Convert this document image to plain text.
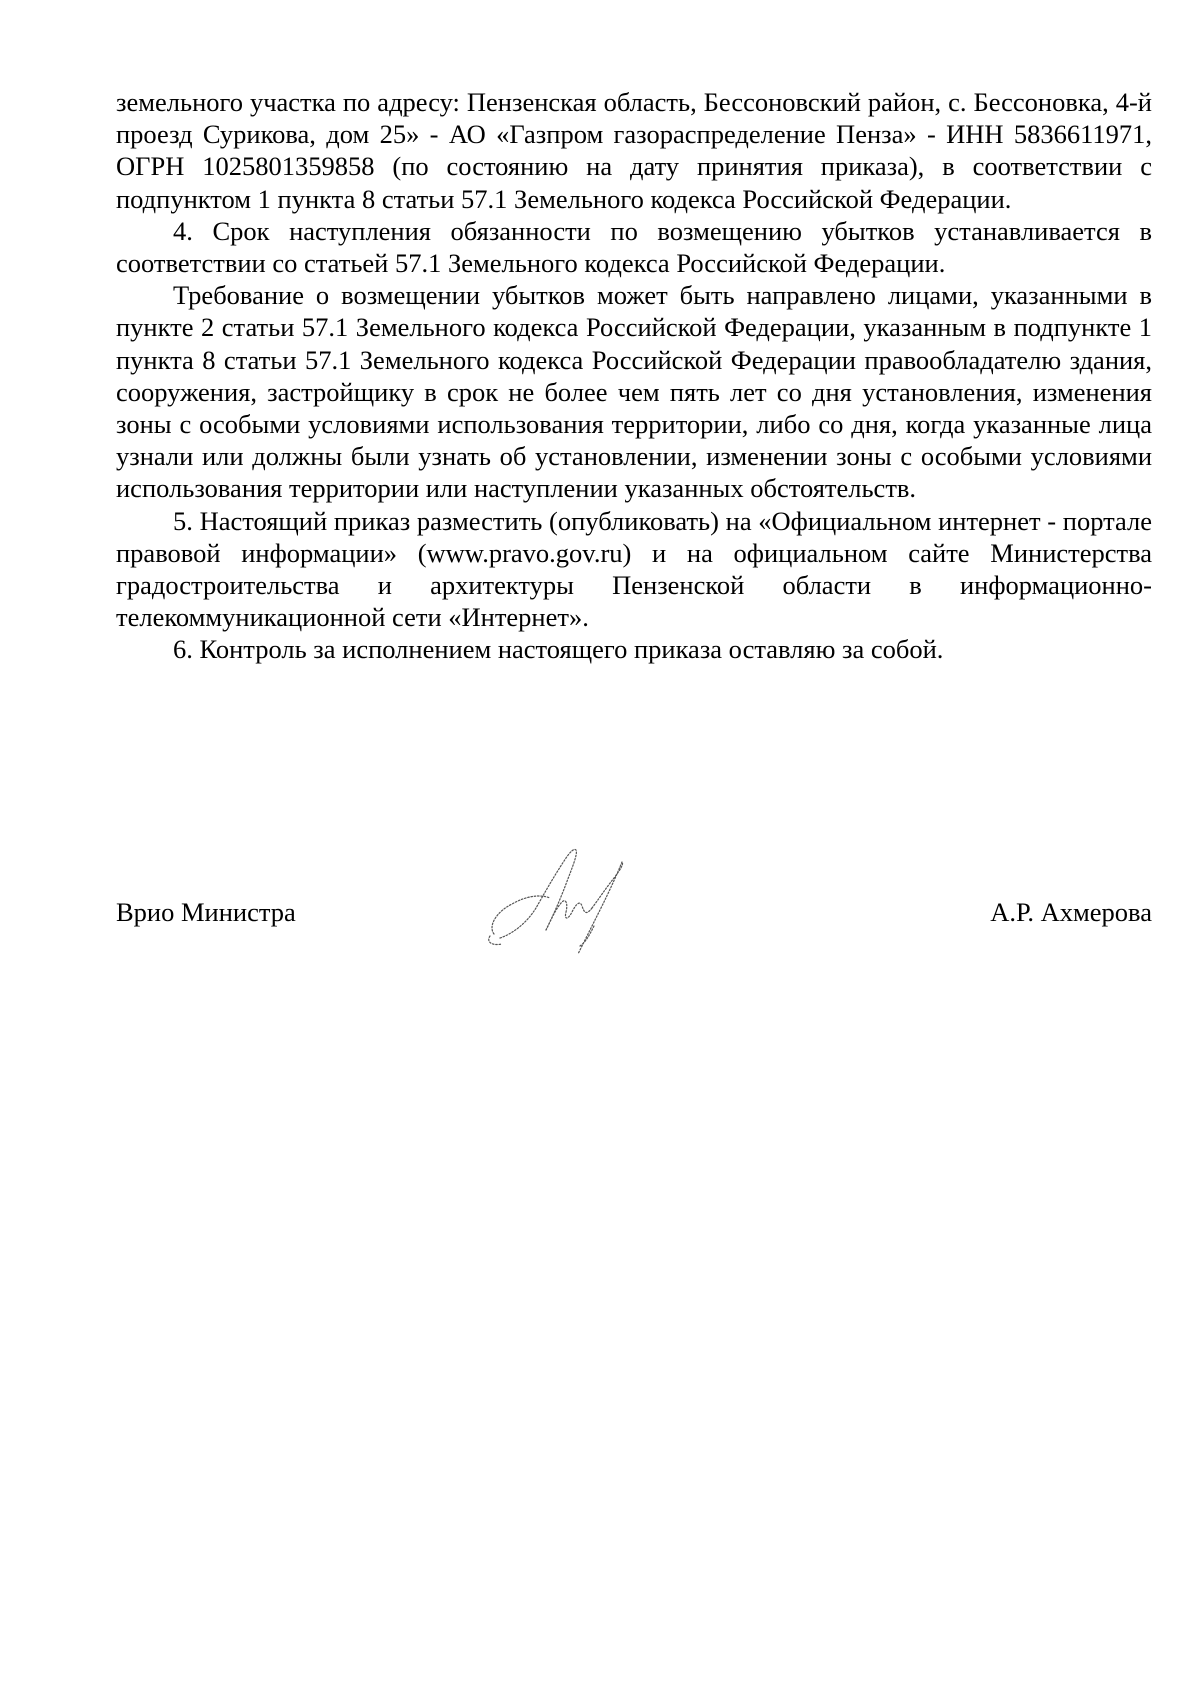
земельного участка по адресу: Пензенская область, Бессоновский район, с. Бессоновка, 4-й проезд Сурикова, дом 25» - АО «Газпром газораспределение Пенза» - ИНН 5836611971, ОГРН 1025801359858 (по состоянию на дату принятия приказа), в соответствии с подпунктом 1 пункта 8 статьи 57.1 Земельного кодекса Российской Федерации.

4. Срок наступления обязанности по возмещению убытков устанавливается в соответствии со статьей 57.1 Земельного кодекса Российской Федерации.

Требование о возмещении убытков может быть направлено лицами, указанными в пункте 2 статьи 57.1 Земельного кодекса Российской Федерации, указанным в подпункте 1 пункта 8 статьи 57.1 Земельного кодекса Российской Федерации правообладателю здания, сооружения, застройщику в срок не более чем пять лет со дня установления, изменения зоны с особыми условиями использования территории, либо со дня, когда указанные лица узнали или должны были узнать об установлении, изменении зоны с особыми условиями использования территории или наступлении указанных обстоятельств.

5. Настоящий приказ разместить (опубликовать) на «Официальном интернет - портале правовой информации» (www.pravo.gov.ru) и на официальном сайте Министерства градостроительства и архитектуры Пензенской области в информационно-телекоммуникационной сети «Интернет».

6. Контроль за исполнением настоящего приказа оставляю за собой.

Врио Министра	А.Р. Ахмерова
